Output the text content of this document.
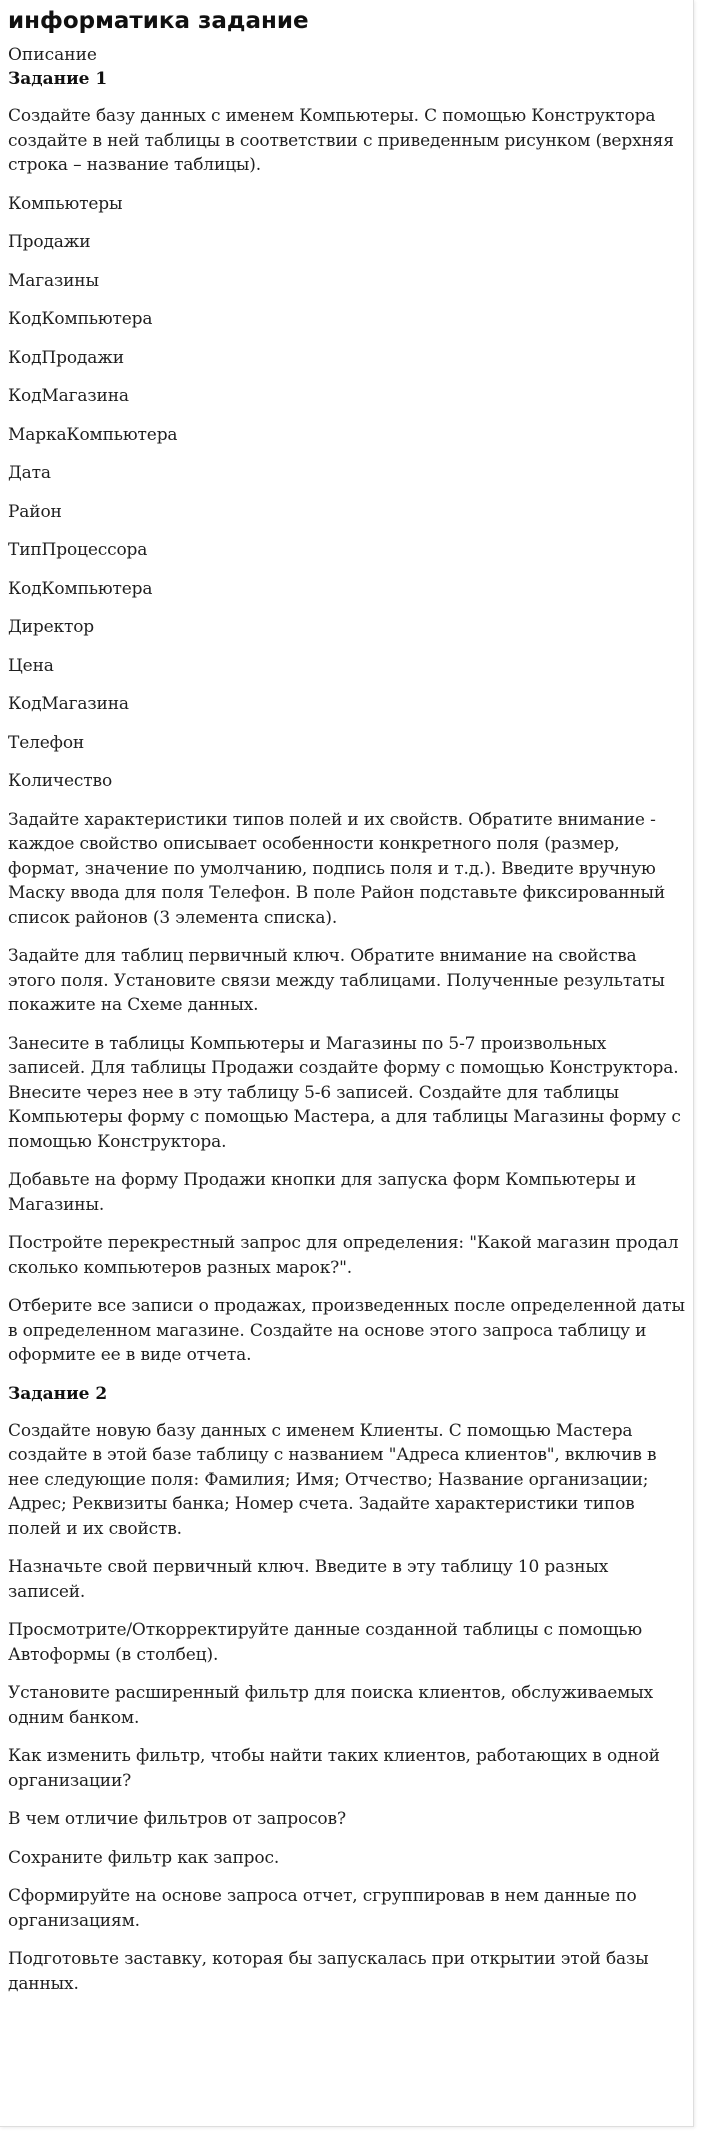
информатика задание
Описание
Задание 1

Создайте базу данных с именем Компьютеры. С помощью Конструктора создайте в ней таблицы в соответствии с приведенным рисунком (верхняя строка – название таблицы).

Компьютеры

Продажи

Магазины

КодКомпьютера

КодПродажи

КодМагазина

МаркаКомпьютера

Дата

Район

ТипПроцессора

КодКомпьютера

Директор

Цена

КодМагазина

Телефон

Количество

Задайте характеристики типов полей и их свойств. Обратите внимание - каждое свойство описывает особенности конкретного поля (размер, формат, значение по умолчанию, подпись поля и т.д.). Введите вручную Маску ввода для поля Телефон. В поле Район подставьте фиксированный список районов (3 элемента списка).

Задайте для таблиц первичный ключ. Обратите внимание на свойства этого поля. Установите связи между таблицами. Полученные результаты покажите на Схеме данных.

Занесите в таблицы Компьютеры и Магазины по 5-7 произвольных записей. Для таблицы Продажи создайте форму с помощью Конструктора. Внесите через нее в эту таблицу 5-6 записей. Создайте для таблицы Компьютеры форму с помощью Мастера, а для таблицы Магазины форму с помощью Конструктора.

Добавьте на форму Продажи кнопки для запуска форм Компьютеры и Магазины.

Постройте перекрестный запрос для определения: "Какой магазин продал сколько компьютеров разных марок?".

Отберите все записи о продажах, произведенных после определенной даты в определенном магазине. Создайте на основе этого запроса таблицу и оформите ее в виде отчета.

Задание 2

Создайте новую базу данных с именем Клиенты. С помощью Мастера создайте в этой базе таблицу с названием "Адреса клиентов", включив в нее следующие поля: Фамилия; Имя; Отчество; Название организации; Адрес; Реквизиты банка; Номер счета. Задайте характеристики типов полей и их свойств.

Назначьте свой первичный ключ. Введите в эту таблицу 10 разных записей.

Просмотрите/Откорректируйте данные созданной таблицы с помощью Автоформы (в столбец).

Установите расширенный фильтр для поиска клиентов, обслуживаемых одним банком.

Как изменить фильтр, чтобы найти таких клиентов, работающих в одной организации?

В чем отличие фильтров от запросов?

Сохраните фильтр как запрос.

Сформируйте на основе запроса отчет, сгруппировав в нем данные по организациям.

Подготовьте заставку, которая бы запускалась при открытии этой базы данных.
